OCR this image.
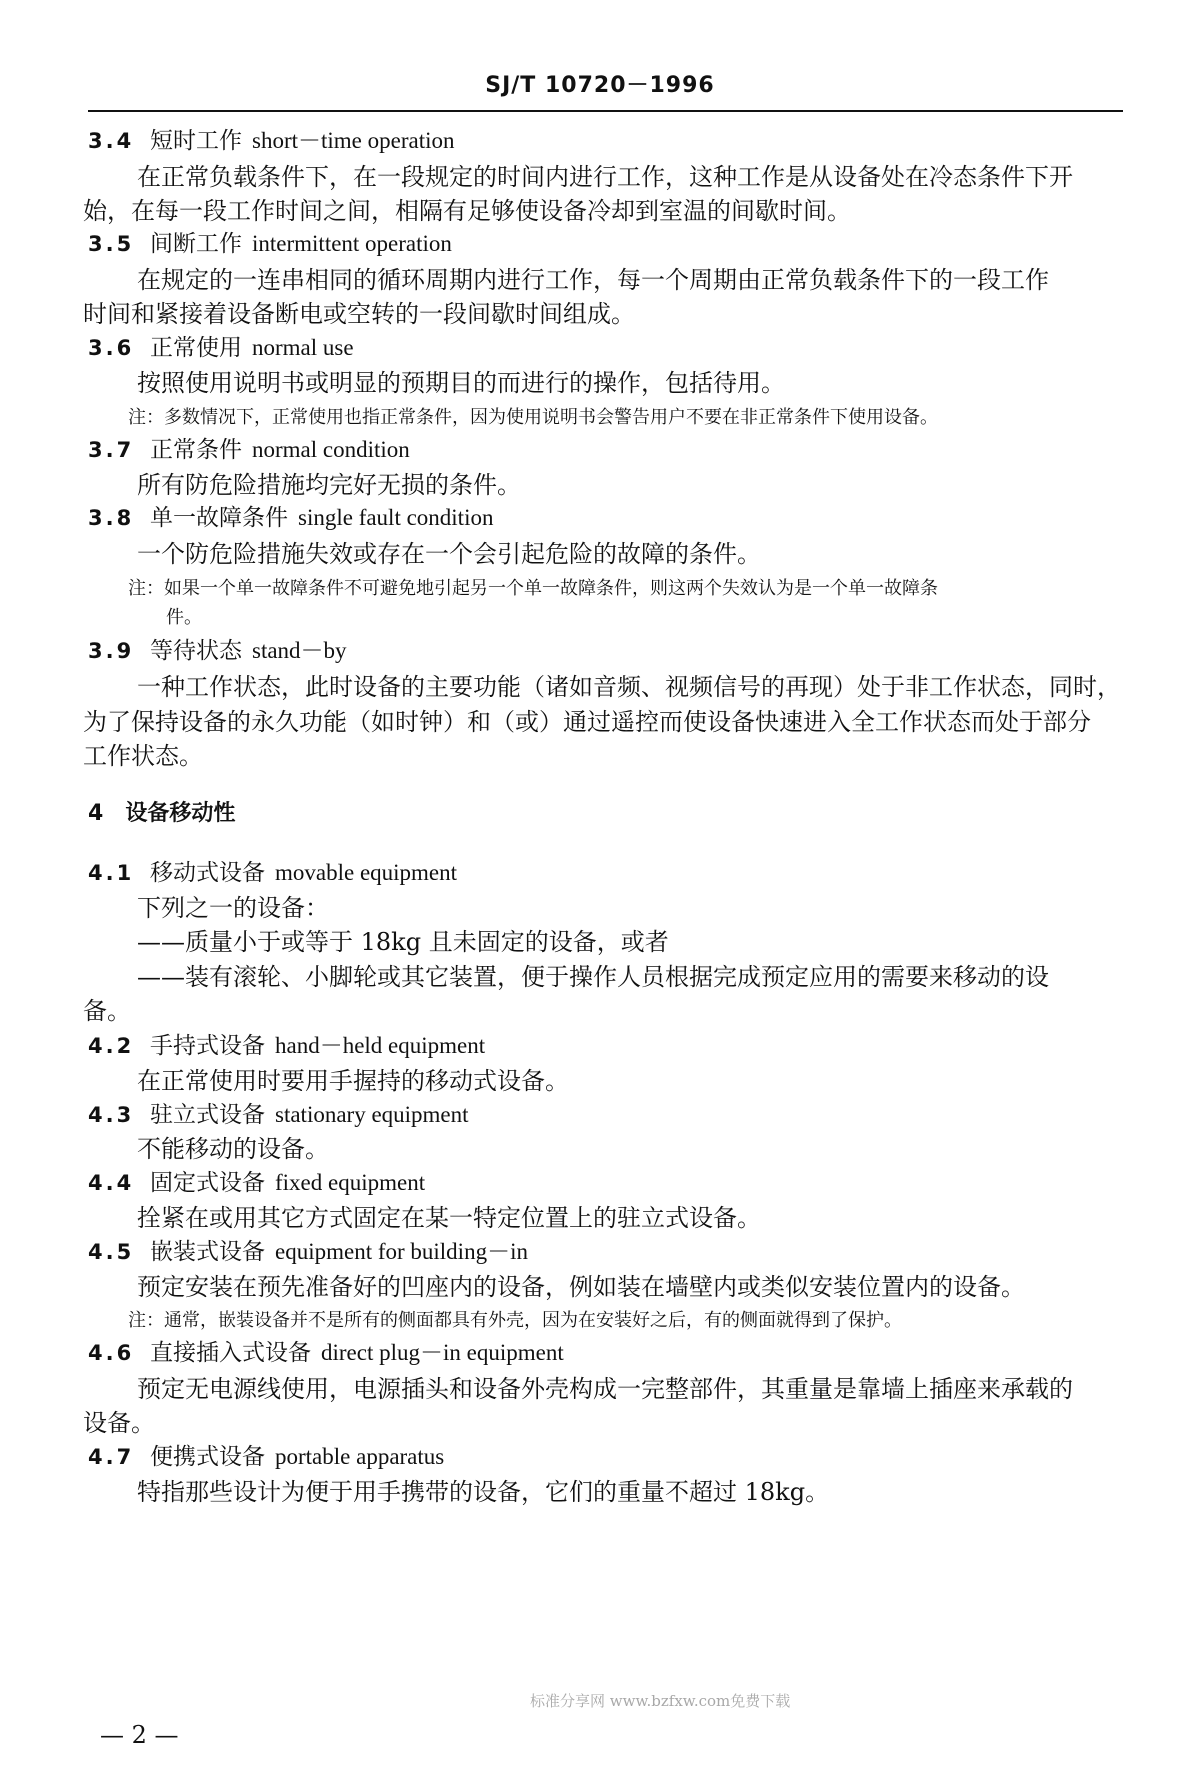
SJ/T 10720－1996
3.4 短时工作 short－time operation
在正常负载条件下，在一段规定的时间内进行工作，这种工作是从设备处在冷态条件下开
始，在每一段工作时间之间，相隔有足够使设备冷却到室温的间歇时间。
3.5 间断工作 intermittent operation
在规定的一连串相同的循环周期内进行工作，每一个周期由正常负载条件下的一段工作
时间和紧接着设备断电或空转的一段间歇时间组成。
3.6 正常使用 normal use
按照使用说明书或明显的预期目的而进行的操作，包括待用。
注：多数情况下，正常使用也指正常条件，因为使用说明书会警告用户不要在非正常条件下使用设备。
3.7 正常条件 normal condition
所有防危险措施均完好无损的条件。
3.8 单一故障条件 single fault condition
一个防危险措施失效或存在一个会引起危险的故障的条件。
注：如果一个单一故障条件不可避免地引起另一个单一故障条件，则这两个失效认为是一个单一故障条
件。
3.9 等待状态 stand－by
一种工作状态，此时设备的主要功能（诸如音频、视频信号的再现）处于非工作状态，同时，
为了保持设备的永久功能（如时钟）和（或）通过遥控而使设备快速进入全工作状态而处于部分
工作状态。
4 设备移动性
4.1 移动式设备 movable equipment
下列之一的设备：
——质量小于或等于 18kg 且未固定的设备，或者
——装有滚轮、小脚轮或其它装置，便于操作人员根据完成预定应用的需要来移动的设
备。
4.2 手持式设备 hand－held equipment
在正常使用时要用手握持的移动式设备。
4.3 驻立式设备 stationary equipment
不能移动的设备。
4.4 固定式设备 fixed equipment
拴紧在或用其它方式固定在某一特定位置上的驻立式设备。
4.5 嵌装式设备 equipment for building－in
预定安装在预先准备好的凹座内的设备，例如装在墙壁内或类似安装位置内的设备。
注：通常，嵌装设备并不是所有的侧面都具有外壳，因为在安装好之后，有的侧面就得到了保护。
4.6 直接插入式设备 direct plug－in equipment
预定无电源线使用，电源插头和设备外壳构成一完整部件，其重量是靠墙上插座来承载的
设备。
4.7 便携式设备 portable apparatus
特指那些设计为便于用手携带的设备，它们的重量不超过 18kg。
— 2 —
标准分享网 www.bzfxw.com免费下载
